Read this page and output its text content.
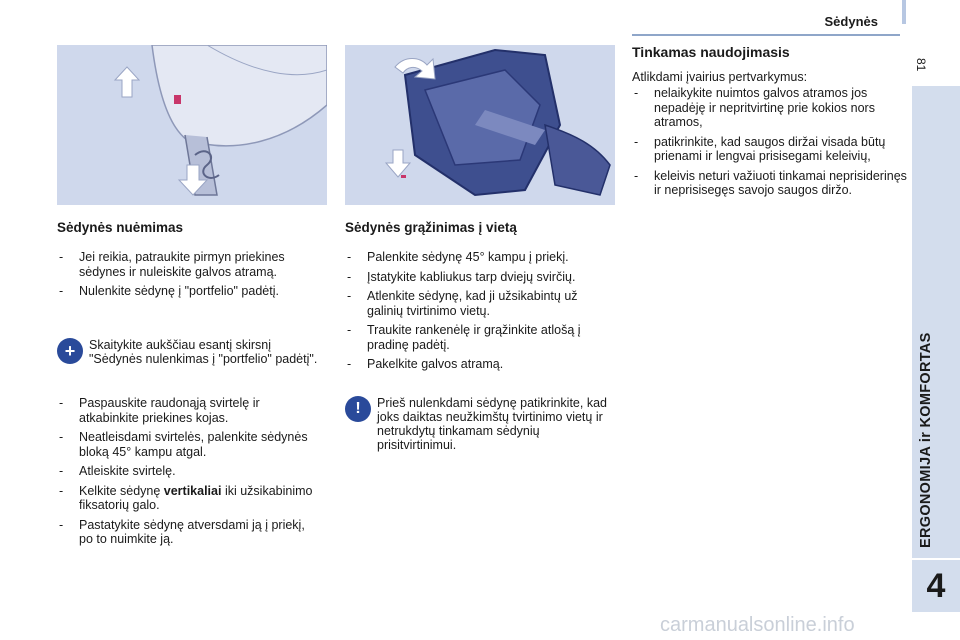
Sėdynės
81
ERGONOMIJA ir KOMFORTAS
4
Sėdynės nuėmimas
- Jei reikia, patraukite pirmyn priekines sėdynes ir nuleiskite galvos atramą.
- Nulenkite sėdynę į "portfelio" padėtį.
+	Skaitykite aukščiau esantį skirsnį "Sėdynės nulenkimas į "portfelio" padėtį".
- Paspauskite raudonąją svirtelę ir atkabinkite priekines kojas.
- Neatleisdami svirtelės, palenkite sėdynės bloką 45° kampu atgal.
- Atleiskite svirtelę.
- Kelkite sėdynę vertikaliai iki užsikabinimo fiksatorių galo.
- Pastatykite sėdynę atversdami ją į priekį, po to nuimkite ją.
Sėdynės grąžinimas į vietą
- Palenkite sėdynę 45° kampu į priekį.
- Įstatykite kabliukus tarp dviejų svirčių.
- Atlenkite sėdynę, kad ji užsikabintų už galinių tvirtinimo vietų.
- Traukite rankenėlę ir grąžinkite atlošą į pradinę padėtį.
- Pakelkite galvos atramą.
!	Prieš nulenkdami sėdynę patikrinkite, kad joks daiktas neužkimštų tvirtinimo vietų ir netrukdytų tinkamam sėdynių prisitvirtinimui.
Tinkamas naudojimasis
Atlikdami įvairius pertvarkymus:
- nelaikykite nuimtos galvos atramos jos nepadėję ir nepritvirtinę prie kokios nors atramos,
- patikrinkite, kad saugos diržai visada būtų prienami ir lengvai prisisegami keleivių,
- keleivis neturi važiuoti tinkamai neprisiderinęs ir neprisisegęs savojo saugos diržo.
carmanualsonline.info
